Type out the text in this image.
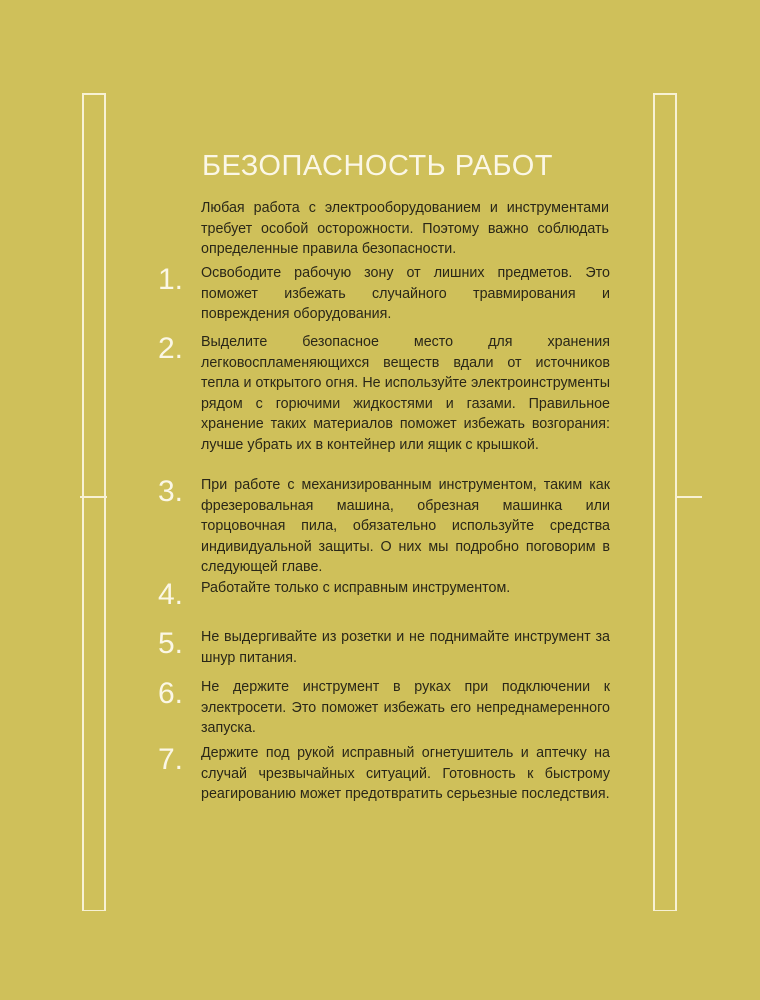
БЕЗОПАСНОСТЬ РАБОТ

Любая работа с электрооборудованием и инструментами требует особой осторожности. Поэтому важно соблюдать определенные правила безопасности.

1. Освободите рабочую зону от лишних предметов. Это поможет избежать случайного травмирования и повреждения оборудования.

2. Выделите безопасное место для хранения легковоспламеняющихся веществ вдали от источников тепла и открытого огня. Не используйте электроинструменты рядом с горючими жидкостями и газами. Правильное хранение таких материалов поможет избежать возгорания: лучше убрать их в контейнер или ящик с крышкой.

3. При работе с механизированным инструментом, таким как фрезеровальная машина, обрезная машинка или торцовочная пила, обязательно используйте средства индивидуальной защиты. О них мы подробно поговорим в следующей главе.

4. Работайте только с исправным инструментом.

5. Не выдергивайте из розетки и не поднимайте инструмент за шнур питания.

6. Не держите инструмент в руках при подключении к электросети. Это поможет избежать его непреднамеренного запуска.

7. Держите под рукой исправный огнетушитель и аптечку на случай чрезвычайных ситуаций. Готовность к быстрому реагированию может предотвратить серьезные последствия.
